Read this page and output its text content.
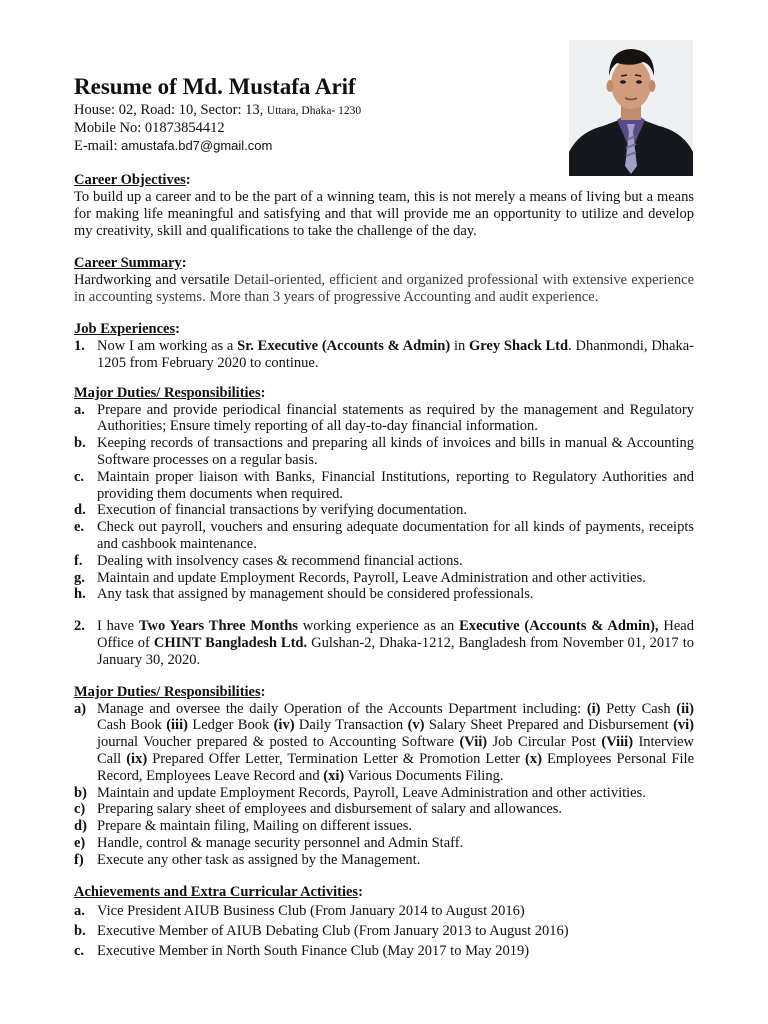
Resume of Md. Mustafa Arif
House: 02, Road: 10, Sector: 13, Uttara, Dhaka- 1230
Mobile No: 01873854412
E-mail: amustafa.bd7@gmail.com
Career Objectives:

To build up a career and to be the part of a winning team, this is not merely a means of living but a means for making life meaningful and satisfying and that will provide me an opportunity to utilize and develop my creativity, skill and qualifications to take the challenge of the day.

Career Summary:

Hardworking and versatile Detail-oriented, efficient and organized professional with extensive experience in accounting systems. More than 3 years of progressive Accounting and audit experience.

Job Experiences:
1. Now I am working as a Sr. Executive (Accounts & Admin) in Grey Shack Ltd. Dhanmondi, Dhaka-1205 from February 2020 to continue.
Major Duties/ Responsibilities:
a. Prepare and provide periodical financial statements as required by the management and Regulatory Authorities; Ensure timely reporting of all day-to-day financial information.
b. Keeping records of transactions and preparing all kinds of invoices and bills in manual & Accounting Software processes on a regular basis.
c. Maintain proper liaison with Banks, Financial Institutions, reporting to Regulatory Authorities and providing them documents when required.
d. Execution of financial transactions by verifying documentation.
e. Check out payroll, vouchers and ensuring adequate documentation for all kinds of payments, receipts and cashbook maintenance.
f. Dealing with insolvency cases & recommend financial actions.
g. Maintain and update Employment Records, Payroll, Leave Administration and other activities.
h. Any task that assigned by management should be considered professionals.
2. I have Two Years Three Months working experience as an Executive (Accounts & Admin), Head Office of CHINT Bangladesh Ltd. Gulshan-2, Dhaka-1212, Bangladesh from November 01, 2017 to January 30, 2020.
Major Duties/ Responsibilities:
a) Manage and oversee the daily Operation of the Accounts Department including: (i) Petty Cash (ii) Cash Book (iii) Ledger Book (iv) Daily Transaction (v) Salary Sheet Prepared and Disbursement (vi) journal Voucher prepared & posted to Accounting Software (Vii) Job Circular Post (Viii) Interview Call (ix) Prepared Offer Letter, Termination Letter & Promotion Letter (x) Employees Personal File Record, Employees Leave Record and (xi) Various Documents Filing.
b) Maintain and update Employment Records, Payroll, Leave Administration and other activities.
c) Preparing salary sheet of employees and disbursement of salary and allowances.
d) Prepare & maintain filing, Mailing on different issues.
e) Handle, control & manage security personnel and Admin Staff.
f) Execute any other task as assigned by the Management.
Achievements and Extra Curricular Activities:
a. Vice President AIUB Business Club (From January 2014 to August 2016)
b. Executive Member of AIUB Debating Club (From January 2013 to August 2016)
c. Executive Member in North South Finance Club (May 2017 to May 2019)
